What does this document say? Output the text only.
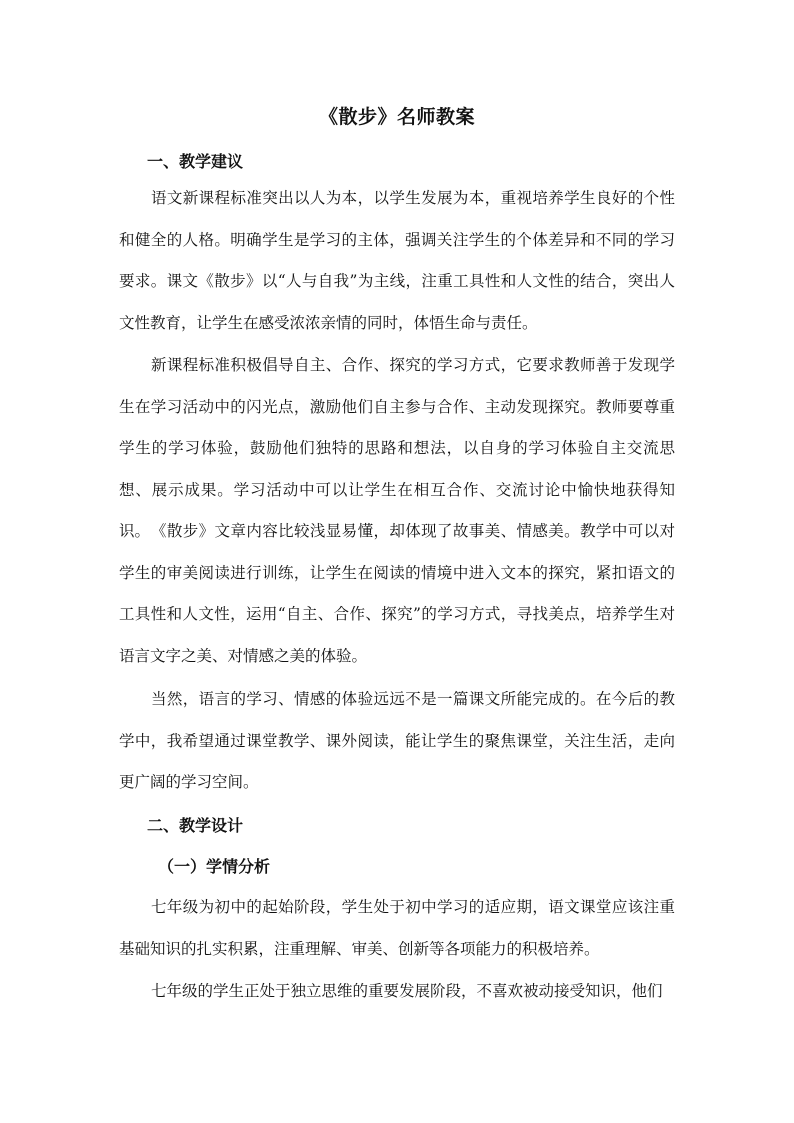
《散步》名师教案
一、教学建议

语文新课程标准突出以人为本，以学生发展为本，重视培养学生良好的个性和健全的人格。明确学生是学习的主体，强调关注学生的个体差异和不同的学习要求。课文《散步》以“人与自我”为主线，注重工具性和人文性的结合，突出人文性教育，让学生在感受浓浓亲情的同时，体悟生命与责任。

新课程标准积极倡导自主、合作、探究的学习方式，它要求教师善于发现学生在学习活动中的闪光点，激励他们自主参与合作、主动发现探究。教师要尊重学生的学习体验，鼓励他们独特的思路和想法，以自身的学习体验自主交流思想、展示成果。学习活动中可以让学生在相互合作、交流讨论中愉快地获得知识。 《散步》文章内容比较浅显易懂，却体现了故事美、情感美。教学中可以对学生的审美阅读进行训练，让学生在阅读的情境中进入文本的探究，紧扣语文的工具性和人文性，运用“自主、合作、探究”的学习方式，寻找美点，培养学生对语言文字之美、对情感之美的体验。

当然，语言的学习、情感的体验远远不是一篇课文所能完成的。在今后的教学中，我希望通过课堂教学、课外阅读，能让学生的聚焦课堂，关注生活，走向更广阔的学习空间。

二、教学设计
（一）学情分析

七年级为初中的起始阶段，学生处于初中学习的适应期，语文课堂应该注重基础知识的扎实积累，注重理解、审美、创新等各项能力的积极培养。

七年级的学生正处于独立思维的重要发展阶段，不喜欢被动接受知识，他们
